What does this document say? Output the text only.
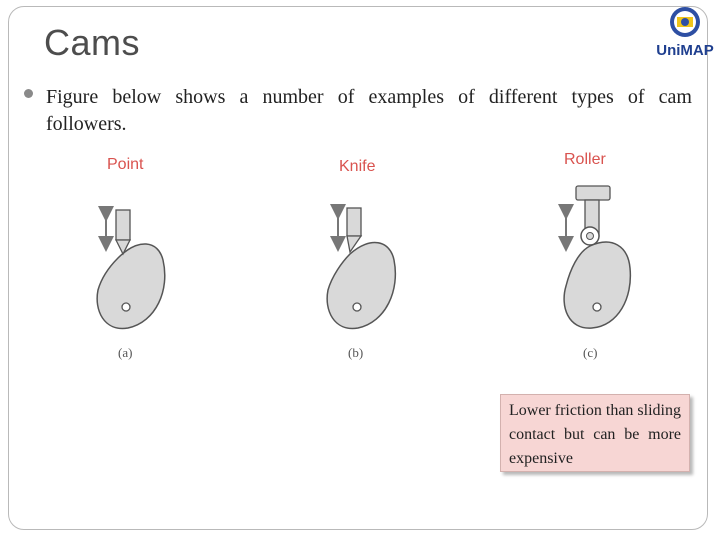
Cams	UniMAP
Figure below shows a number of examples of different types of cam followers.
Point	Knife	Roller
(a)	(b)	(c)
Lower friction than sliding contact but can be more expensive
